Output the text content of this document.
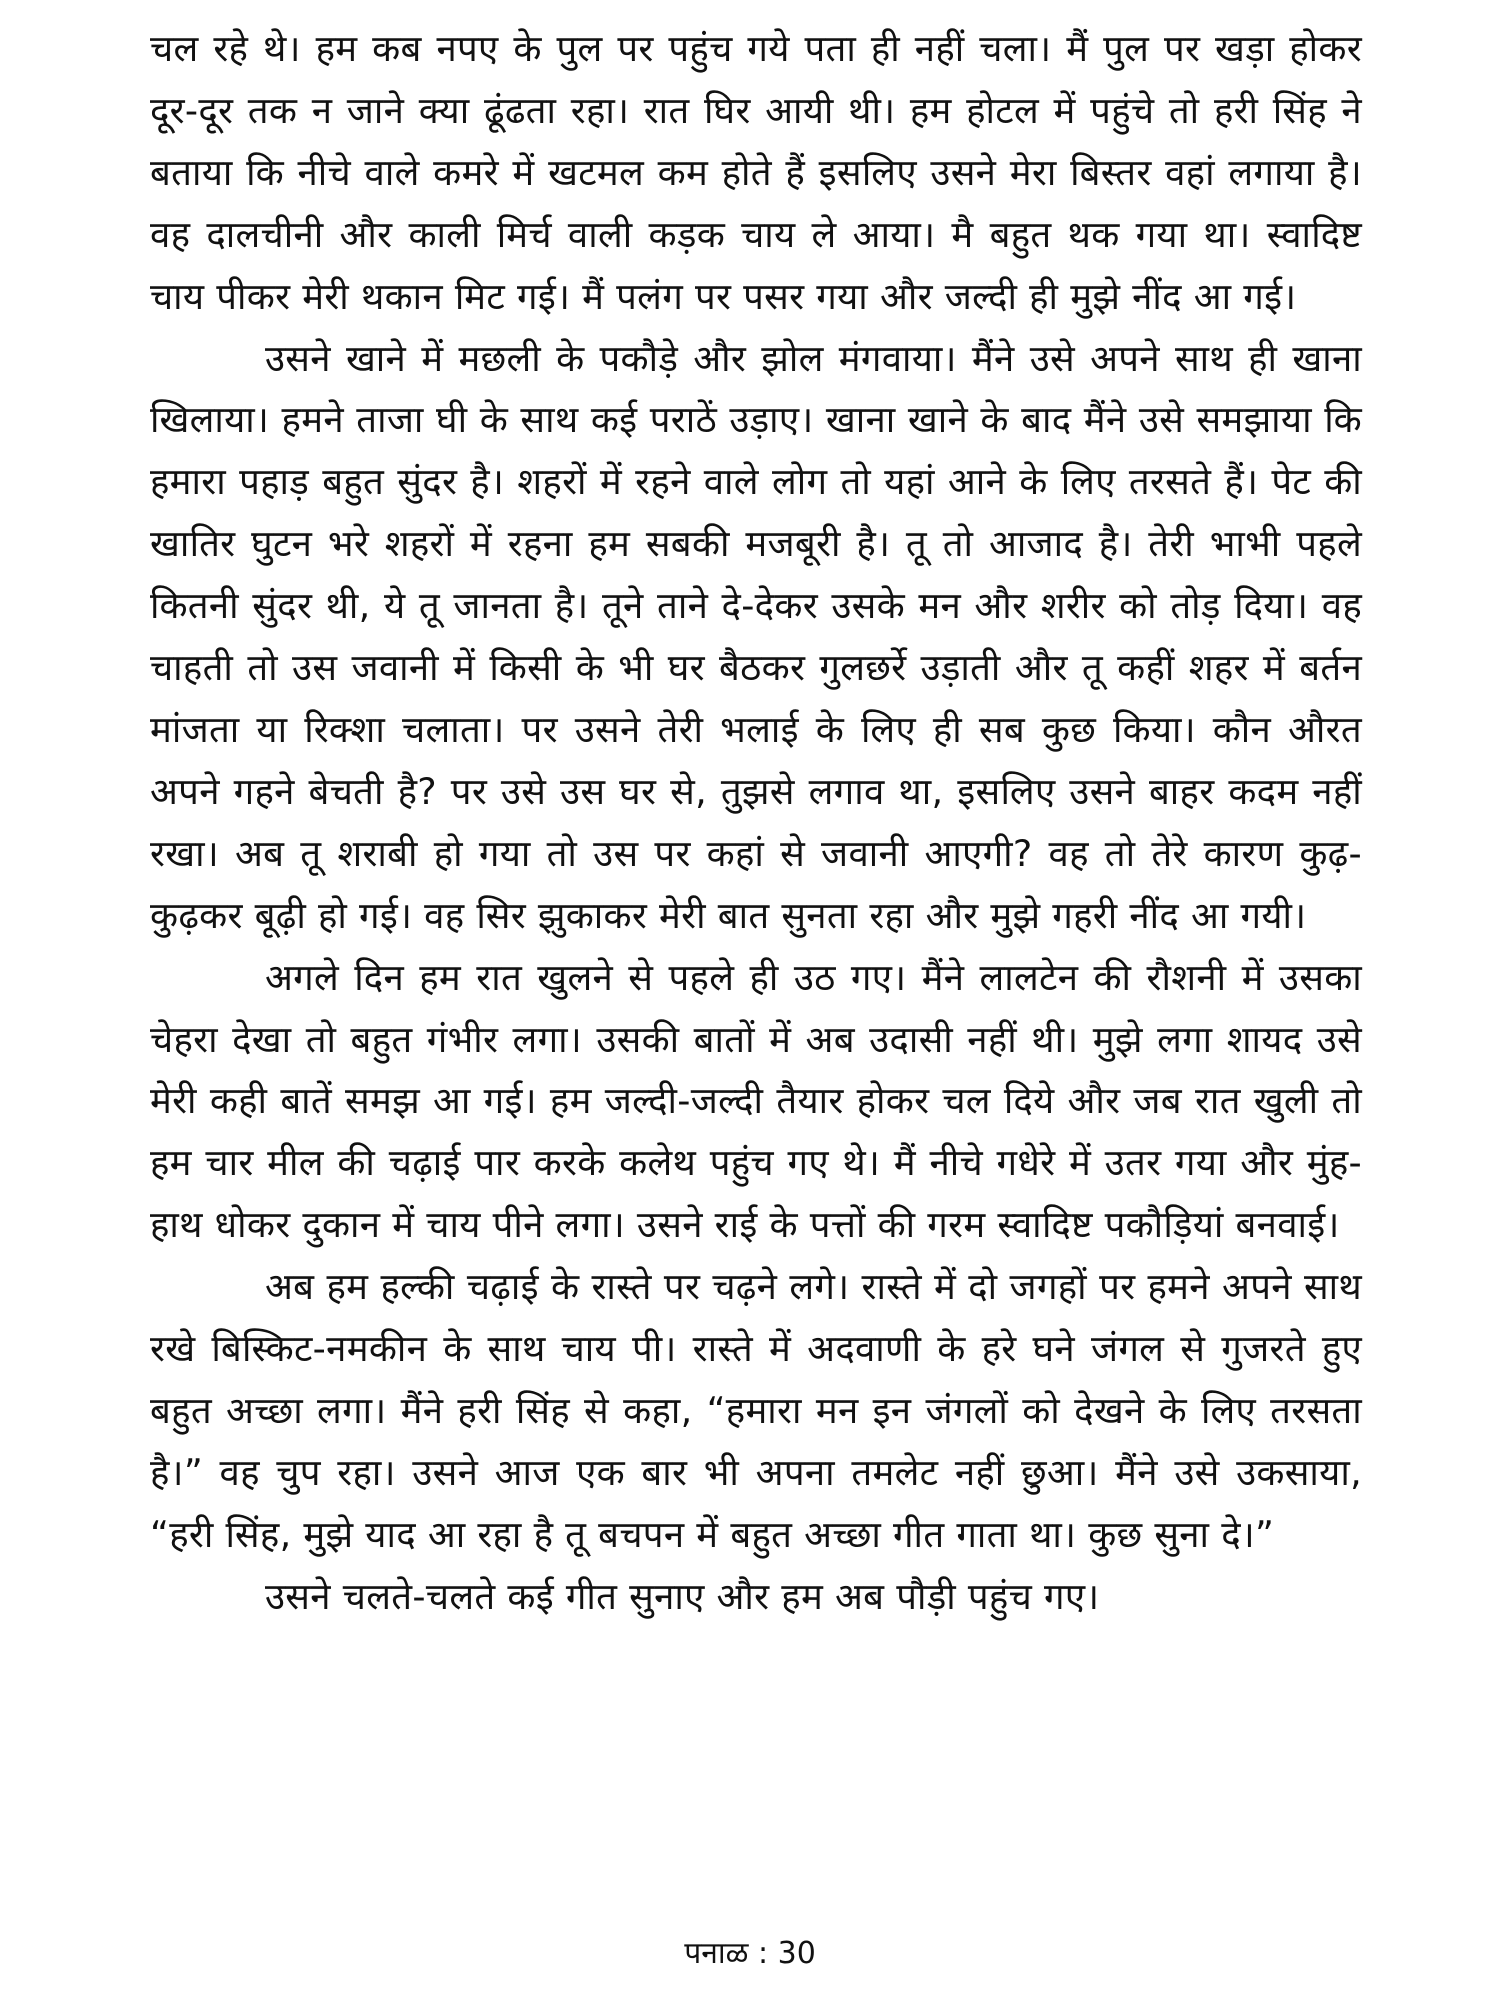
चल रहे थे। हम कब नपए के पुल पर पहुंच गये पता ही नहीं चला। मैं पुल पर खड़ा होकर दूर-दूर तक न जाने क्या ढूंढता रहा। रात घिर आयी थी। हम होटल में पहुंचे तो हरी सिंह ने बताया कि नीचे वाले कमरे में खटमल कम होते हैं इसलिए उसने मेरा बिस्तर वहां लगाया है। वह दालचीनी और काली मिर्च वाली कड़क चाय ले आया। मै बहुत थक गया था। स्वादिष्ट चाय पीकर मेरी थकान मिट गई। मैं पलंग पर पसर गया और जल्दी ही मुझे नींद आ गई।

उसने खाने में मछली के पकौड़े और झोल मंगवाया। मैंने उसे अपने साथ ही खाना खिलाया। हमने ताजा घी के साथ कई पराठें उड़ाए। खाना खाने के बाद मैंने उसे समझाया कि हमारा पहाड़ बहुत सुंदर है। शहरों में रहने वाले लोग तो यहां आने के लिए तरसते हैं। पेट की खातिर घुटन भरे शहरों में रहना हम सबकी मजबूरी है। तू तो आजाद है। तेरी भाभी पहले कितनी सुंदर थी, ये तू जानता है। तूने ताने दे-देकर उसके मन और शरीर को तोड़ दिया। वह चाहती तो उस जवानी में किसी के भी घर बैठकर गुलछर्रे उड़ाती और तू कहीं शहर में बर्तन मांजता या रिक्शा चलाता। पर उसने तेरी भलाई के लिए ही सब कुछ किया। कौन औरत अपने गहने बेचती है? पर उसे उस घर से, तुझसे लगाव था, इसलिए उसने बाहर कदम नहीं रखा। अब तू शराबी हो गया तो उस पर कहां से जवानी आएगी? वह तो तेरे कारण कुढ़-कुढ़कर बूढ़ी हो गई। वह सिर झुकाकर मेरी बात सुनता रहा और मुझे गहरी नींद आ गयी।

अगले दिन हम रात खुलने से पहले ही उठ गए। मैंने लालटेन की रौशनी में उसका चेहरा देखा तो बहुत गंभीर लगा। उसकी बातों में अब उदासी नहीं थी। मुझे लगा शायद उसे मेरी कही बातें समझ आ गई। हम जल्दी-जल्दी तैयार होकर चल दिये और जब रात खुली तो हम चार मील की चढ़ाई पार करके कलेथ पहुंच गए थे। मैं नीचे गधेरे में उतर गया और मुंह-हाथ धोकर दुकान में चाय पीने लगा। उसने राई के पत्तों की गरम स्वादिष्ट पकौड़ियां बनवाई।

अब हम हल्की चढ़ाई के रास्ते पर चढ़ने लगे। रास्ते में दो जगहों पर हमने अपने साथ रखे बिस्किट-नमकीन के साथ चाय पी। रास्ते में अदवाणी के हरे घने जंगल से गुजरते हुए बहुत अच्छा लगा। मैंने हरी सिंह से कहा, “हमारा मन इन जंगलों को देखने के लिए तरसता है।” वह चुप रहा। उसने आज एक बार भी अपना तमलेट नहीं छुआ। मैंने उसे उकसाया, “हरी सिंह, मुझे याद आ रहा है तू बचपन में बहुत अच्छा गीत गाता था। कुछ सुना दे।”

उसने चलते-चलते कई गीत सुनाए और हम अब पौड़ी पहुंच गए।

पनाळ : 30
